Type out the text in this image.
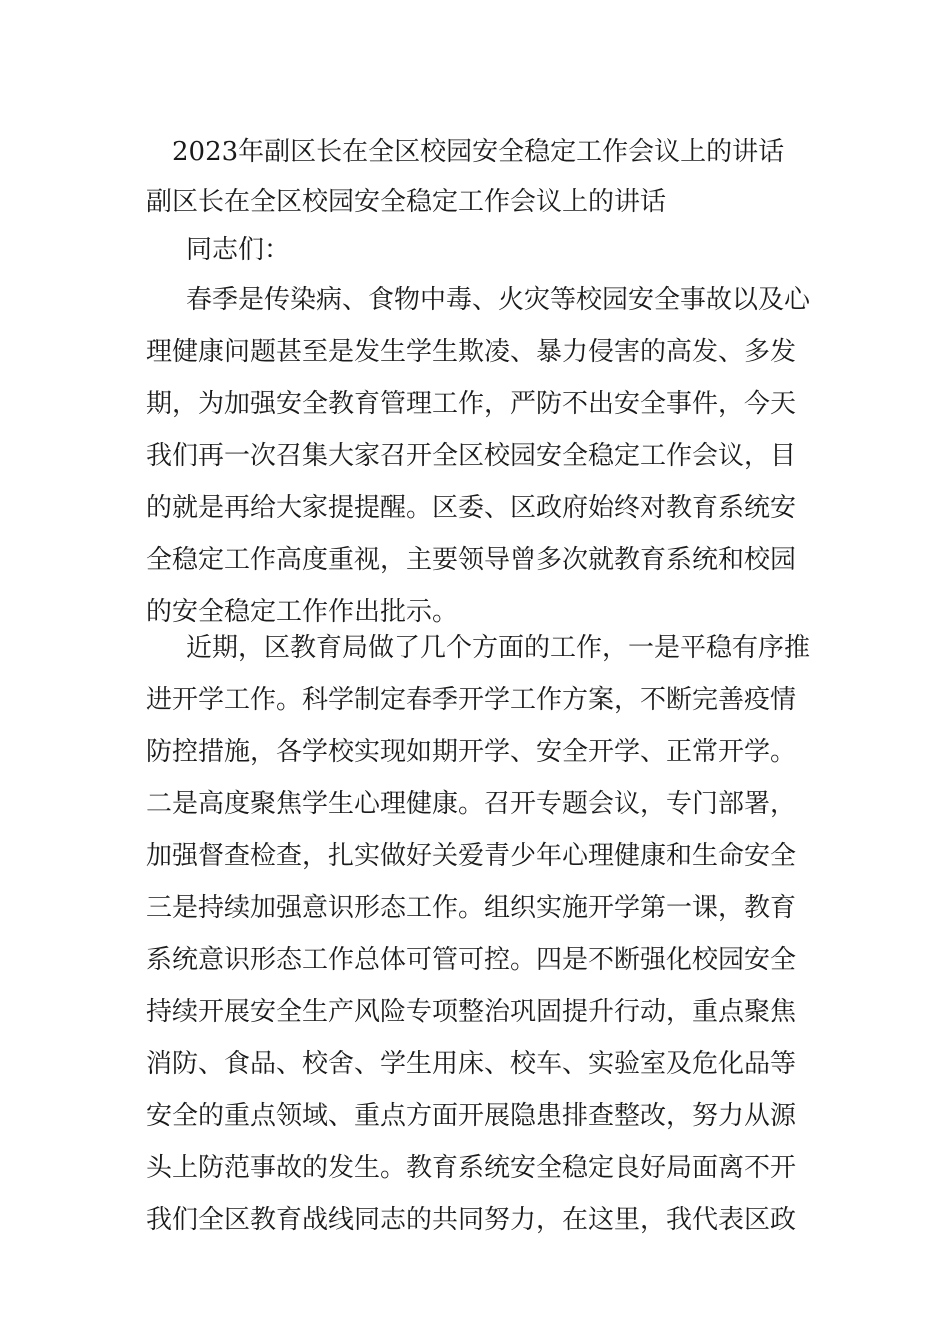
2023年副区长在全区校园安全稳定工作会议上的讲话
副区长在全区校园安全稳定工作会议上的讲话
同志们：
春季是传染病、食物中毒、火灾等校园安全事故以及心
理健康问题甚至是发生学生欺凌、暴力侵害的高发、多发
期，为加强安全教育管理工作，严防不出安全事件，今天
我们再一次召集大家召开全区校园安全稳定工作会议，目
的就是再给大家提提醒。区委、区政府始终对教育系统安
全稳定工作高度重视，主要领导曾多次就教育系统和校园
的安全稳定工作作出批示。
近期，区教育局做了几个方面的工作，一是平稳有序推
进开学工作。科学制定春季开学工作方案，不断完善疫情
防控措施，各学校实现如期开学、安全开学、正常开学。
二是高度聚焦学生心理健康。召开专题会议，专门部署，
加强督查检查，扎实做好关爱青少年心理健康和生命安全
三是持续加强意识形态工作。组织实施开学第一课，教育
系统意识形态工作总体可管可控。四是不断强化校园安全
持续开展安全生产风险专项整治巩固提升行动，重点聚焦
消防、食品、校舍、学生用床、校车、实验室及危化品等
安全的重点领域、重点方面开展隐患排查整改，努力从源
头上防范事故的发生。教育系统安全稳定良好局面离不开
我们全区教育战线同志的共同努力，在这里，我代表区政
